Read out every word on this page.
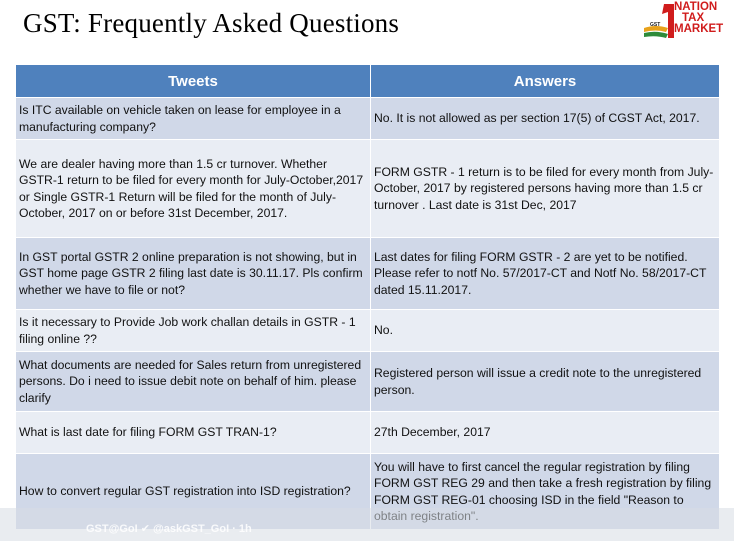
GST: Frequently Asked Questions	GST
NATION
TAX
MARKET
Tweets	Answers
Is ITC available on vehicle taken on lease for employee in a manufacturing company?	No. It is not allowed as per section 17(5) of CGST Act, 2017.
We are dealer having more than 1.5 cr turnover. Whether GSTR-1 return to be filed for every month for July-October,2017 or Single GSTR-1 Return will be filed for the month of July-October, 2017 on or before 31st December, 2017.	FORM GSTR - 1 return is to be filed for every month from July-October, 2017 by registered persons having more than 1.5 cr turnover . Last date is 31st Dec, 2017
In GST portal GSTR 2 online preparation is not showing, but in GST home page GSTR 2 filing last date is 30.11.17. Pls confirm whether we have to file or not?	Last dates for filing FORM GSTR - 2 are yet to be notified. Please refer to notf No. 57/2017-CT and Notf No. 58/2017-CT dated 15.11.2017.
Is it necessary to Provide Job work challan details in GSTR - 1 filing online ??	No.
What documents are needed for Sales return from unregistered persons. Do i need to issue debit note on behalf of him. please clarify	Registered person will issue a credit note to the unregistered person.
What is last date for filing FORM GST TRAN-1?	27th December, 2017
How to convert regular GST registration into ISD registration?	You will have to first cancel the regular registration by filing FORM GST REG 29 and then take a fresh registration by filing FORM GST REG-01 choosing ISD in the field "Reason to
GST@GoI ✔ @askGST_GoI · 1h
